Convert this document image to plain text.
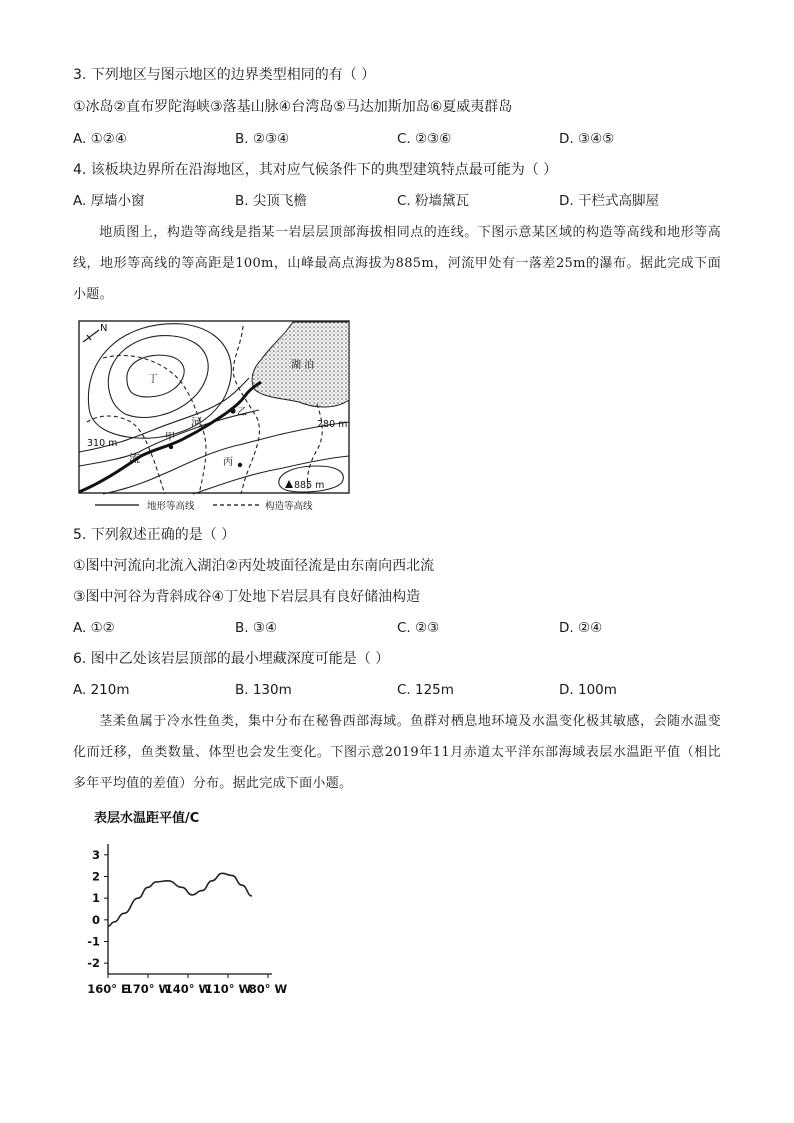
3. 下列地区与图示地区的边界类型相同的有（ ）
①冰岛②直布罗陀海峡③落基山脉④台湾岛⑤马达加斯加岛⑥夏威夷群岛
A. ①②④	B. ②③④	C. ②③⑥	D. ③④⑤
4. 该板块边界所在沿海地区，其对应气候条件下的典型建筑特点最可能为（ ）
A. 厚墙小窗	B. 尖顶飞檐	C. 粉墙黛瓦	D. 干栏式高脚屋
地质图上，构造等高线是指某一岩层层顶部海拔相同点的连线。下图示意某区域的构造等高线和地形等高线，地形等高线的等高距是100m，山峰最高点海拔为885m，河流甲处有一落差25m的瀑布。据此完成下面小题。
N
湖 泊
河
流
甲
乙
丙
丁
310 m
280 m
885 m
地形等高线	构造等高线
5. 下列叙述正确的是（ ）
①图中河流向北流入湖泊②丙处坡面径流是由东南向西北流
③图中河谷为背斜成谷④丁处地下岩层具有良好储油构造
A. ①②	B. ③④	C. ②③	D. ②④
6. 图中乙处该岩层顶部的最小埋藏深度可能是（ ）
A. 210m	B. 130m	C. 125m	D. 100m
茎柔鱼属于冷水性鱼类，集中分布在秘鲁西部海域。鱼群对栖息地环境及水温变化极其敏感，会随水温变化而迁移，鱼类数量、体型也会发生变化。下图示意2019年11月赤道太平洋东部海域表层水温距平值（相比多年平均值的差值）分布。据此完成下面小题。
表层水温距平值/C
3
2
1
0
-1
-2
160° E
170° W
140° W
110° W
80° W
